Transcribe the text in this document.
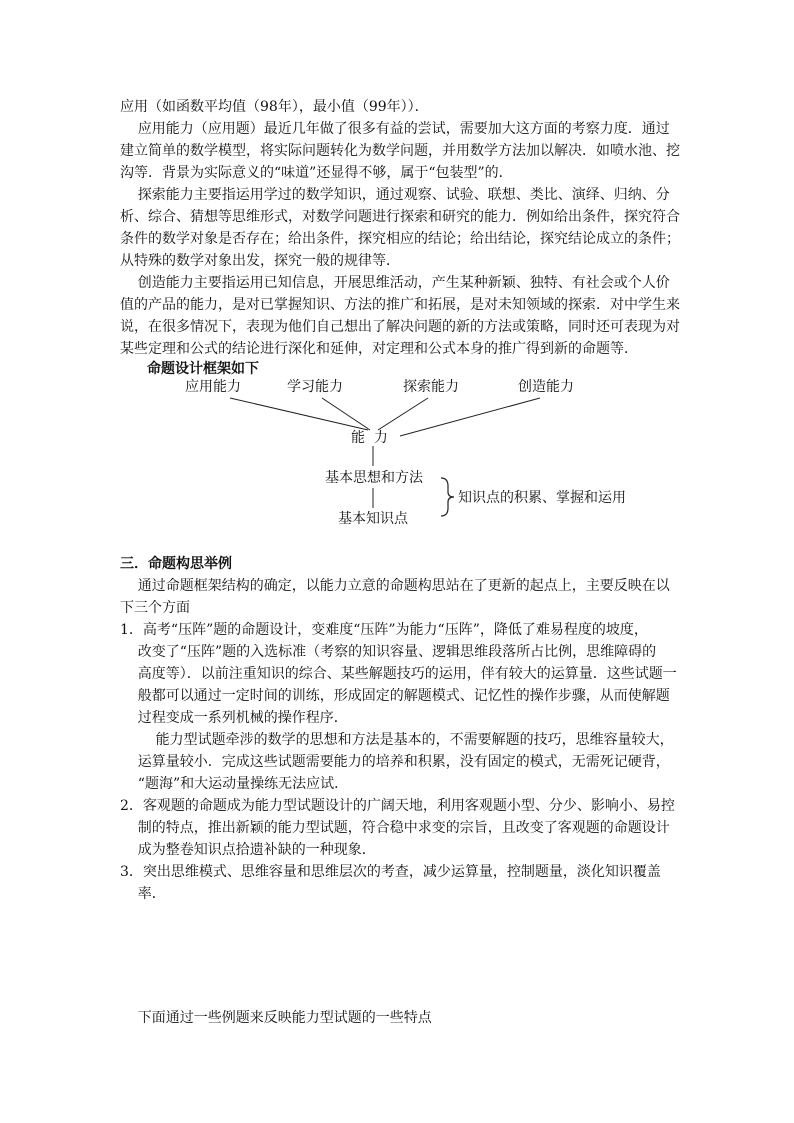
应用（如函数平均值（98年），最小值（99年））．
应用能力（应用题）最近几年做了很多有益的尝试，需要加大这方面的考察力度．通过
建立简单的数学模型，将实际问题转化为数学问题，并用数学方法加以解决．如喷水池、挖
沟等．背景为实际意义的“味道”还显得不够，属于“包装型”的．
探索能力主要指运用学过的数学知识，通过观察、试验、联想、类比、演绎、归纳、分
析、综合、猜想等思维形式，对数学问题进行探索和研究的能力．例如给出条件，探究符合
条件的数学对象是否存在；给出条件，探究相应的结论；给出结论，探究结论成立的条件；
从特殊的数学对象出发，探究一般的规律等．
创造能力主要指运用已知信息，开展思维活动，产生某种新颖、独特、有社会或个人价
值的产品的能力，是对已掌握知识、方法的推广和拓展，是对未知领域的探索．对中学生来
说，在很多情况下，表现为他们自己想出了解决问题的新的方法或策略，同时还可表现为对
某些定理和公式的结论进行深化和延伸，对定理和公式本身的推广得到新的命题等．
命题设计框架如下
应用能力	学习能力	探索能力	创造能力
能  力
基本思想和方法
基本知识点
知识点的积累、掌握和运用
三．命题构思举例
通过命题框架结构的确定，以能力立意的命题构思站在了更新的起点上，主要反映在以
下三个方面
1．高考“压阵”题的命题设计，变难度“压阵”为能力“压阵”，降低了难易程度的坡度，
改变了“压阵”题的入选标准（考察的知识容量、逻辑思维段落所占比例，思维障碍的
高度等）．以前注重知识的综合、某些解题技巧的运用，伴有较大的运算量．这些试题一
般都可以通过一定时间的训练，形成固定的解题模式、记忆性的操作步骤，从而使解题
过程变成一系列机械的操作程序．
能力型试题牵涉的数学的思想和方法是基本的，不需要解题的技巧，思维容量较大，
运算量较小．完成这些试题需要能力的培养和积累，没有固定的模式，无需死记硬背，
“题海”和大运动量操练无法应试．
2．客观题的命题成为能力型试题设计的广阔天地，利用客观题小型、分少、影响小、易控
制的特点，推出新颖的能力型试题，符合稳中求变的宗旨，且改变了客观题的命题设计
成为整卷知识点拾遗补缺的一种现象．
3．突出思维模式、思维容量和思维层次的考查，减少运算量，控制题量，淡化知识覆盖
率．
下面通过一些例题来反映能力型试题的一些特点
